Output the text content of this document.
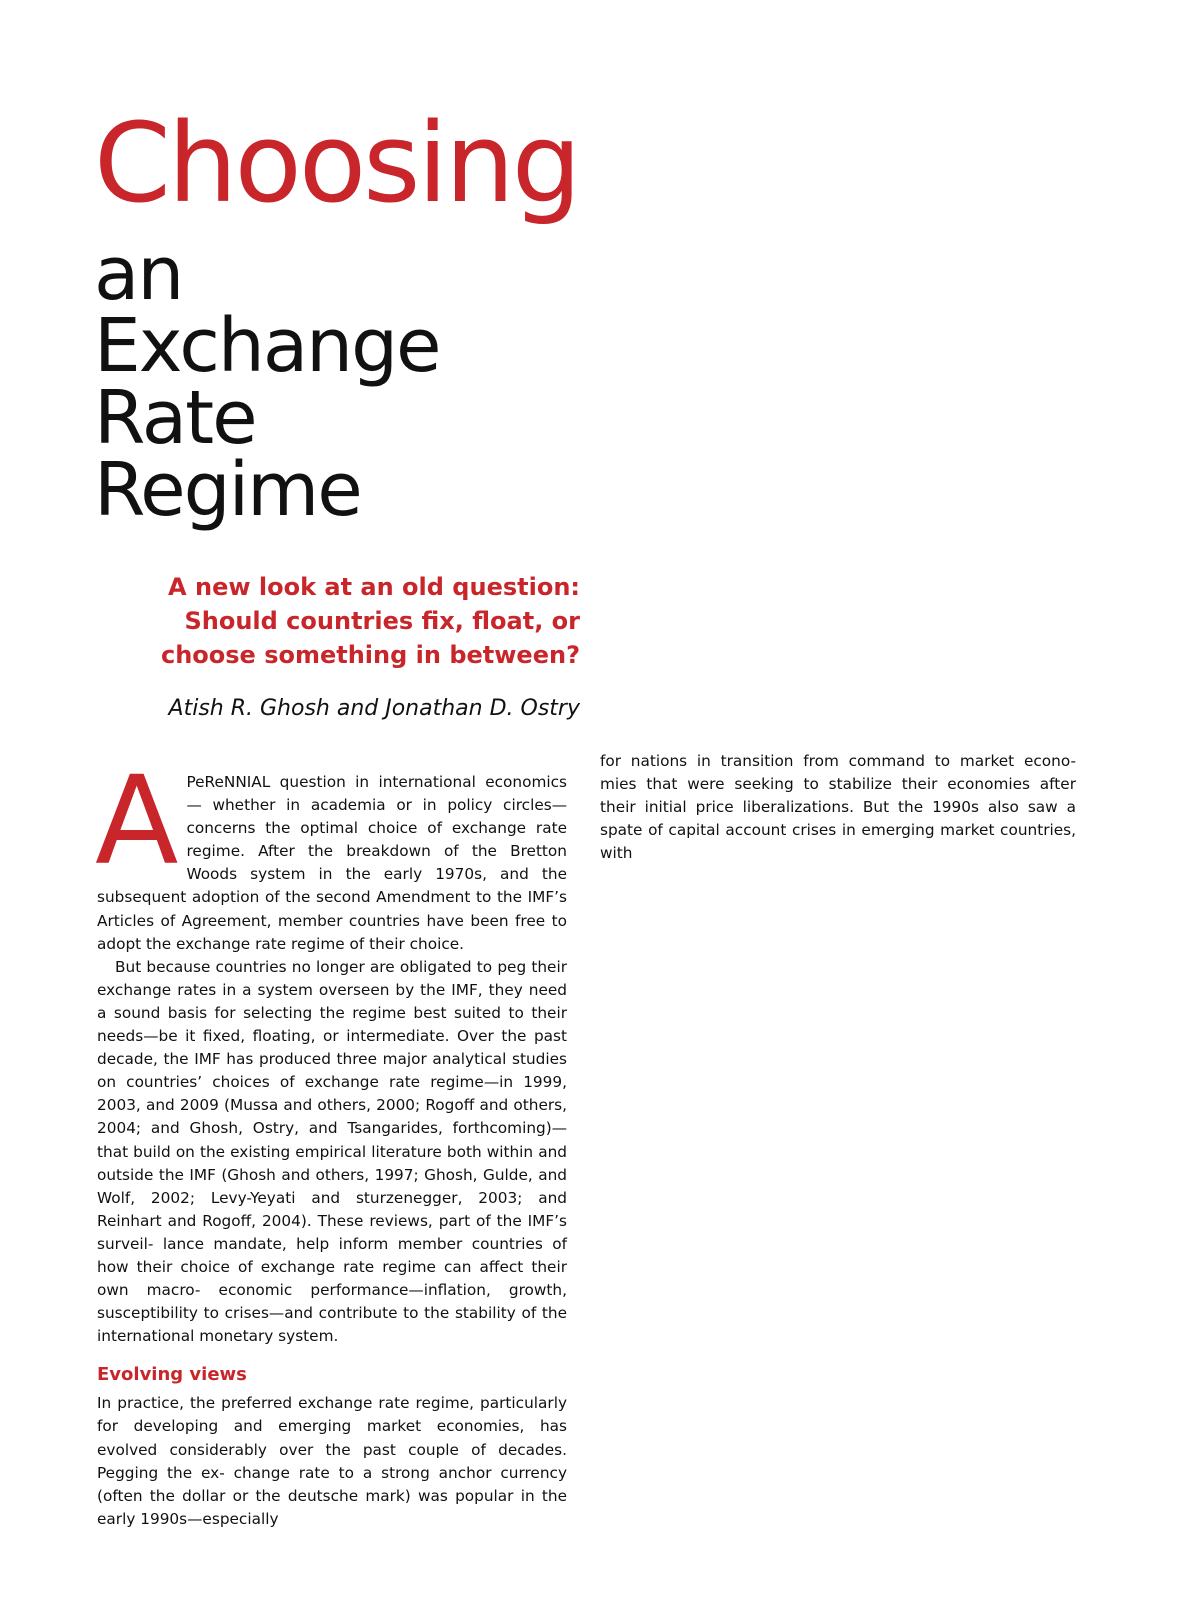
Choosing
an
Exchange
Rate
Regime
A new look at an old question:
Should countries fix, float, or
choose something in between?

Atish R. Ghosh and Jonathan D. Ostry

A PeReNNIAL question in international economics — whether in academia or in policy circles— concerns the optimal choice of exchange rate regime. After the breakdown of the Bretton Woods system in the early 1970s, and the subsequent adoption of the second Amendment to the IMF’s Articles of Agreement, member countries have been free to adopt the exchange rate regime of their choice.

But because countries no longer are obligated to peg their exchange rates in a system overseen by the IMF, they need a sound basis for selecting the regime best suited to their needs—be it fixed, floating, or intermediate. Over the past decade, the IMF has produced three major analytical studies on countries’ choices of exchange rate regime—in 1999, 2003, and 2009 (Mussa and others, 2000; Rogoff and others, 2004; and Ghosh, Ostry, and Tsangarides, forthcoming)—that build on the existing empirical literature both within and outside the IMF (Ghosh and others, 1997; Ghosh, Gulde, and Wolf, 2002; Levy-Yeyati and sturzenegger, 2003; and Reinhart and Rogoff, 2004). These reviews, part of the IMF’s surveil- lance mandate, help inform member countries of how their choice of exchange rate regime can affect their own macro- economic performance—inflation, growth, susceptibility to crises—and contribute to the stability of the international monetary system.

Evolving views

In practice, the preferred exchange rate regime, particularly for developing and emerging market economies, has evolved considerably over the past couple of decades. Pegging the ex- change rate to a strong anchor currency (often the dollar or the deutsche mark) was popular in the early 1990s—especially

for nations in transition from command to market econo- mies that were seeking to stabilize their economies after their initial price liberalizations. But the 1990s also saw a spate of capital account crises in emerging market countries, with
